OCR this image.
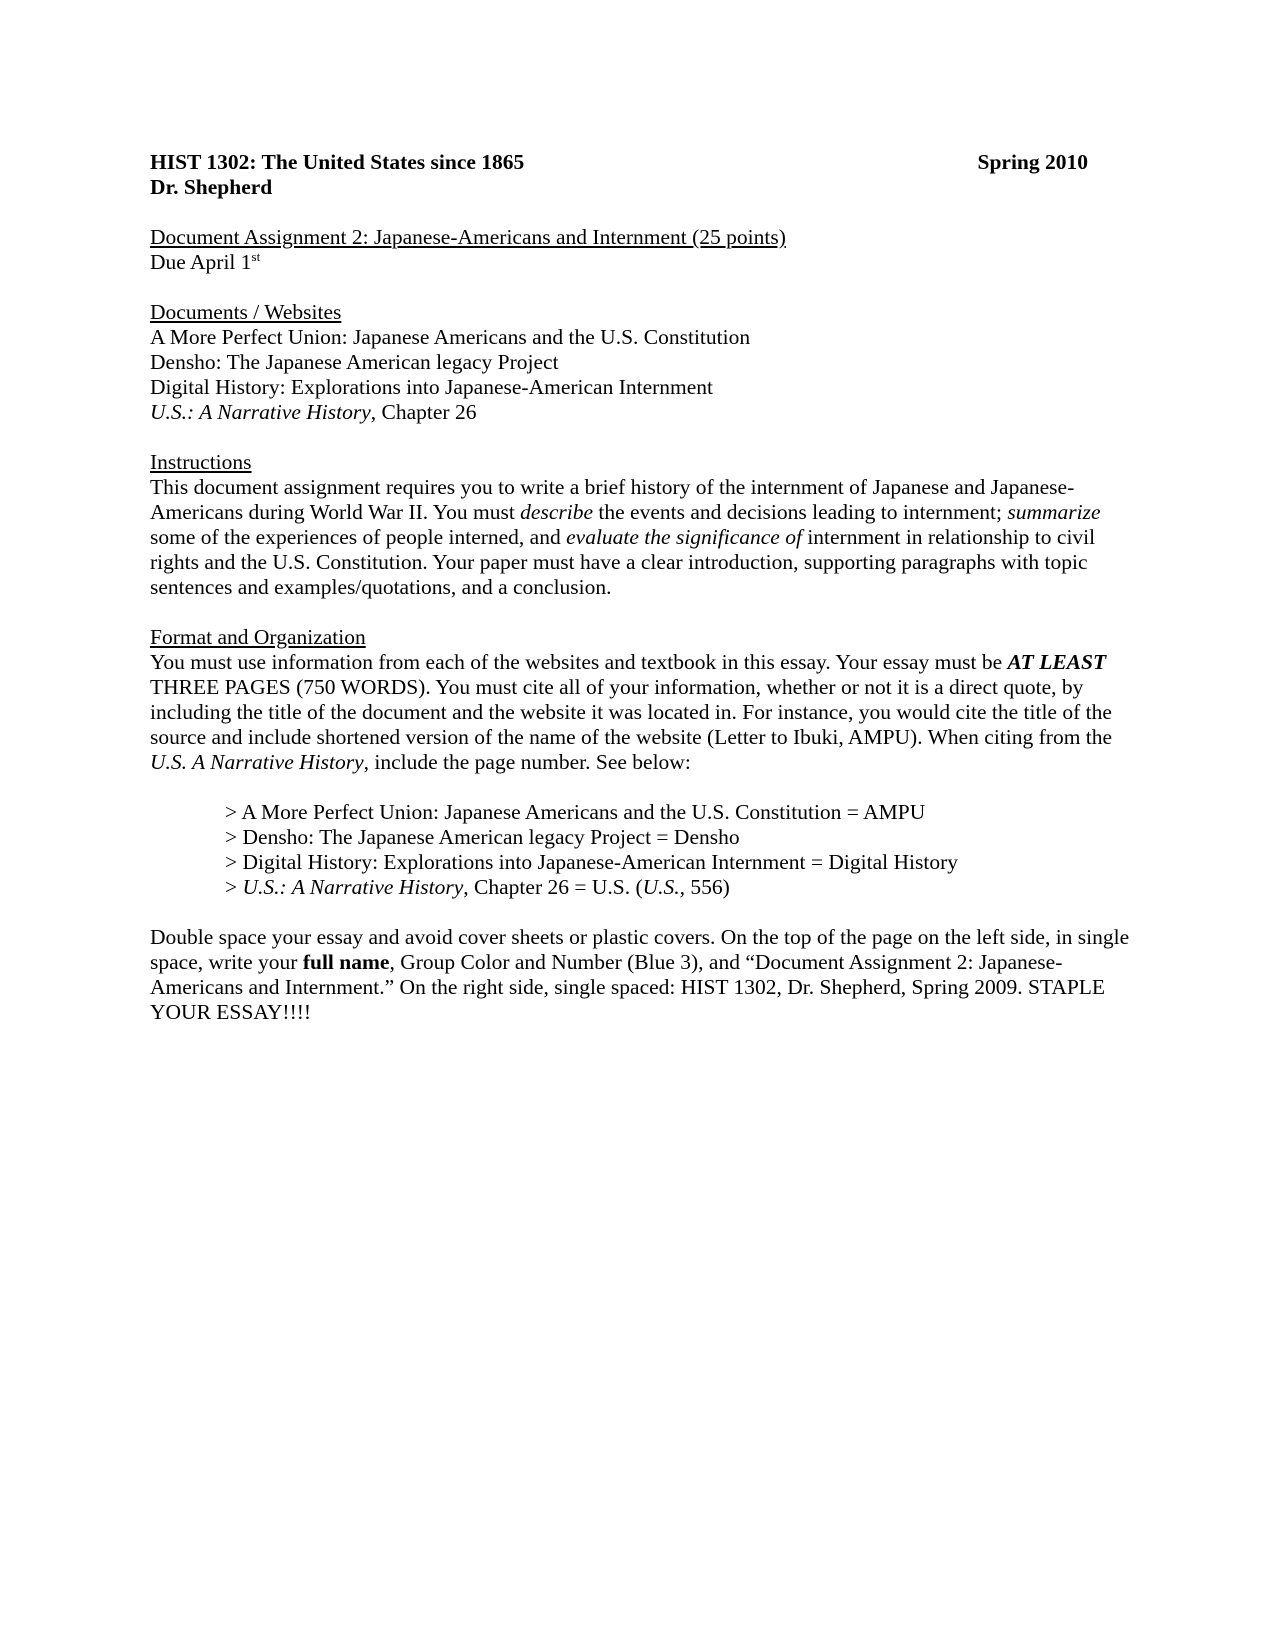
HIST 1302: The United States since 1865	Spring 2010
Dr. Shepherd
Document Assignment 2: Japanese-Americans and Internment (25 points)
Due April 1st
Documents / Websites
A More Perfect Union: Japanese Americans and the U.S. Constitution
Densho: The Japanese American legacy Project
Digital History: Explorations into Japanese-American Internment
U.S.: A Narrative History, Chapter 26
Instructions
This document assignment requires you to write a brief history of the internment of Japanese and Japanese-Americans during World War II. You must describe the events and decisions leading to internment; summarize some of the experiences of people interned, and evaluate the significance of internment in relationship to civil rights and the U.S. Constitution. Your paper must have a clear introduction, supporting paragraphs with topic sentences and examples/quotations, and a conclusion.
Format and Organization
You must use information from each of the websites and textbook in this essay. Your essay must be AT LEAST THREE PAGES (750 WORDS). You must cite all of your information, whether or not it is a direct quote, by including the title of the document and the website it was located in. For instance, you would cite the title of the source and include shortened version of the name of the website (Letter to Ibuki, AMPU). When citing from the U.S. A Narrative History, include the page number. See below:
> A More Perfect Union: Japanese Americans and the U.S. Constitution = AMPU
> Densho: The Japanese American legacy Project = Densho
> Digital History: Explorations into Japanese-American Internment = Digital History
> U.S.: A Narrative History, Chapter 26 = U.S. (U.S., 556)
Double space your essay and avoid cover sheets or plastic covers. On the top of the page on the left side, in single space, write your full name, Group Color and Number (Blue 3), and “Document Assignment 2: Japanese-Americans and Internment.” On the right side, single spaced: HIST 1302, Dr. Shepherd, Spring 2009. STAPLE YOUR ESSAY!!!!
